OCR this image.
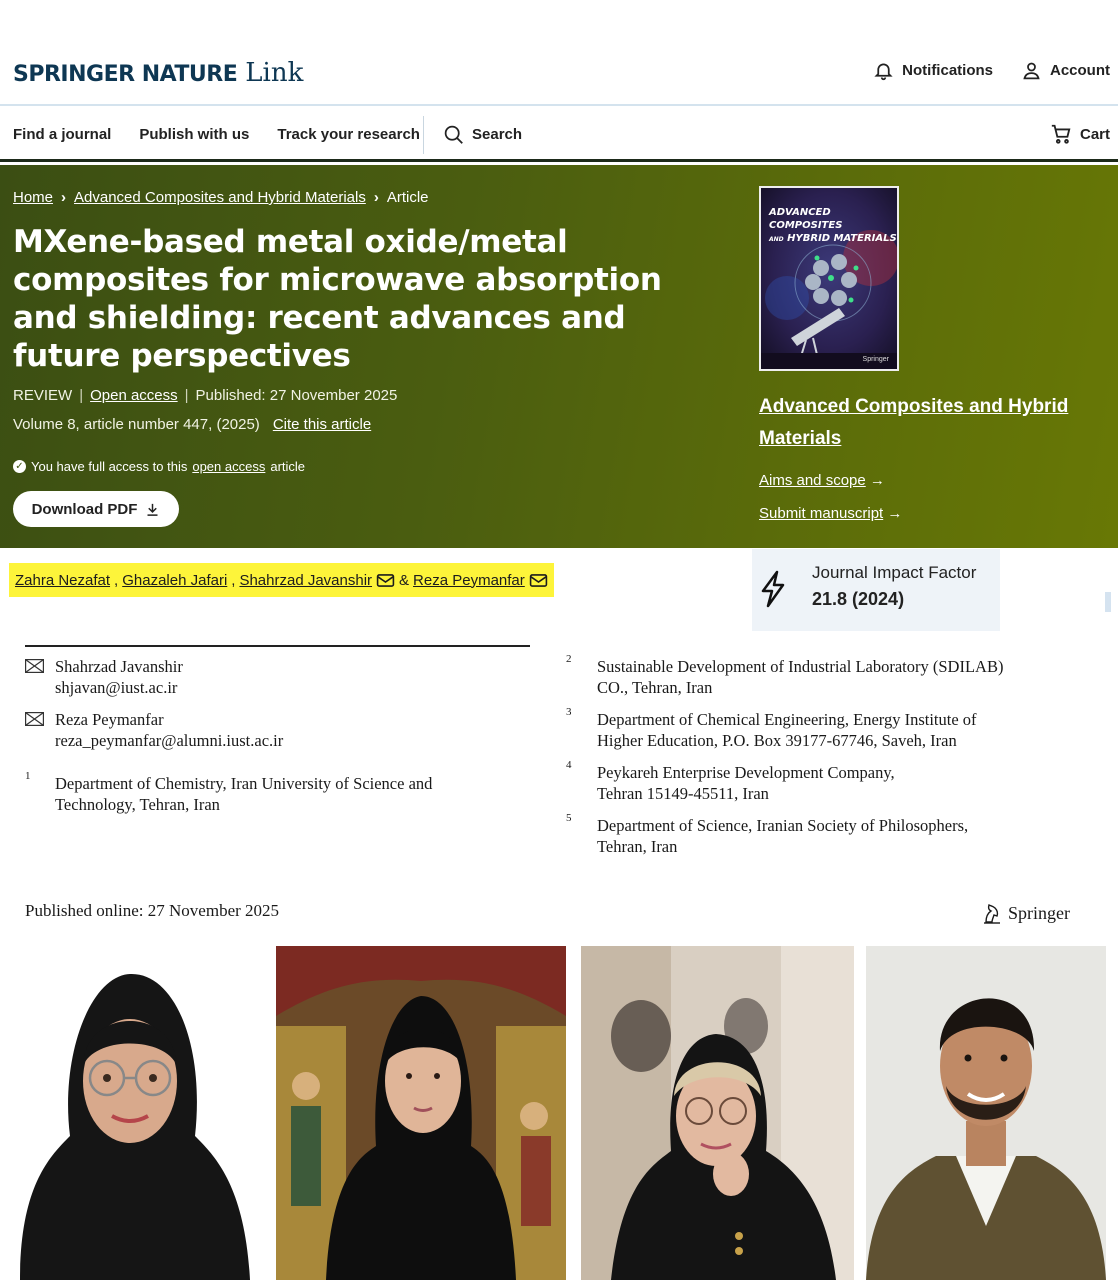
SPRINGER NATURE Link	Notifications	Account
Find a journal Publish with us Track your research	Search	Cart
Home › Advanced Composites and Hybrid Materials › Article
MXene-based metal oxide/metal composites for microwave absorption and shielding: recent advances and future perspectives
REVIEW | Open access | Published: 27 November 2025
Volume 8, article number 447, (2025) Cite this article
✓ You have full access to this open access article
Download PDF
ADVANCED COMPOSITES
AND HYBRID MATERIALS
Springer
Advanced Composites and Hybrid Materials
Aims and scope →
Submit manuscript →
Zahra Nezafat , Ghazaleh Jafari , Shahrzad Javanshir & Reza Peymanfar	Journal Impact Factor
21.8 (2024)
Shahrzad Javanshir
shjavan@iust.ac.ir
Reza Peymanfar
reza_peymanfar@alumni.iust.ac.ir
1 Department of Chemistry, Iran University of Science and
Technology, Tehran, Iran
2 Sustainable Development of Industrial Laboratory (SDILAB)
CO., Tehran, Iran
3 Department of Chemical Engineering, Energy Institute of
Higher Education, P.O. Box 39177-67746, Saveh, Iran
4 Peykareh Enterprise Development Company,
Tehran 15149-45511, Iran
5 Department of Science, Iranian Society of Philosophers,
Tehran, Iran
Published online: 27 November 2025	Springer
